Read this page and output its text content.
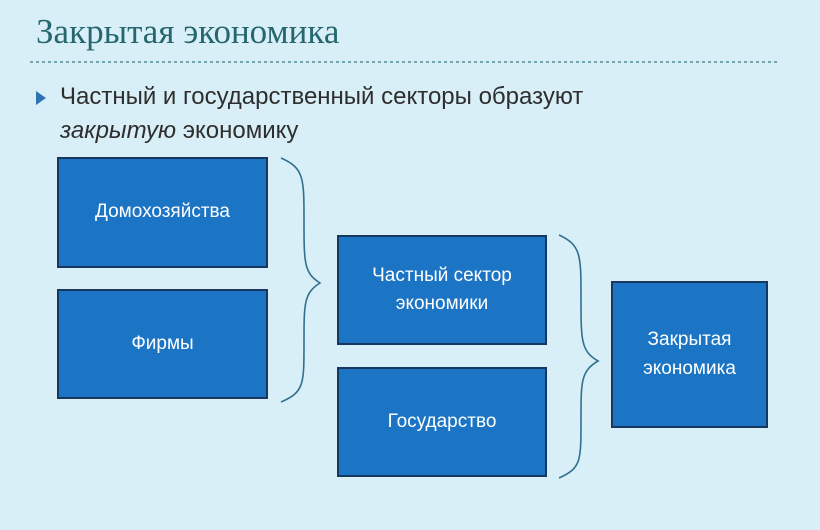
Закрытая экономика
Частный и государственный секторы образуют
закрытую экономику
Домохозяйства
Фирмы
Частный сектор экономики
Государство
Закрытая экономика
